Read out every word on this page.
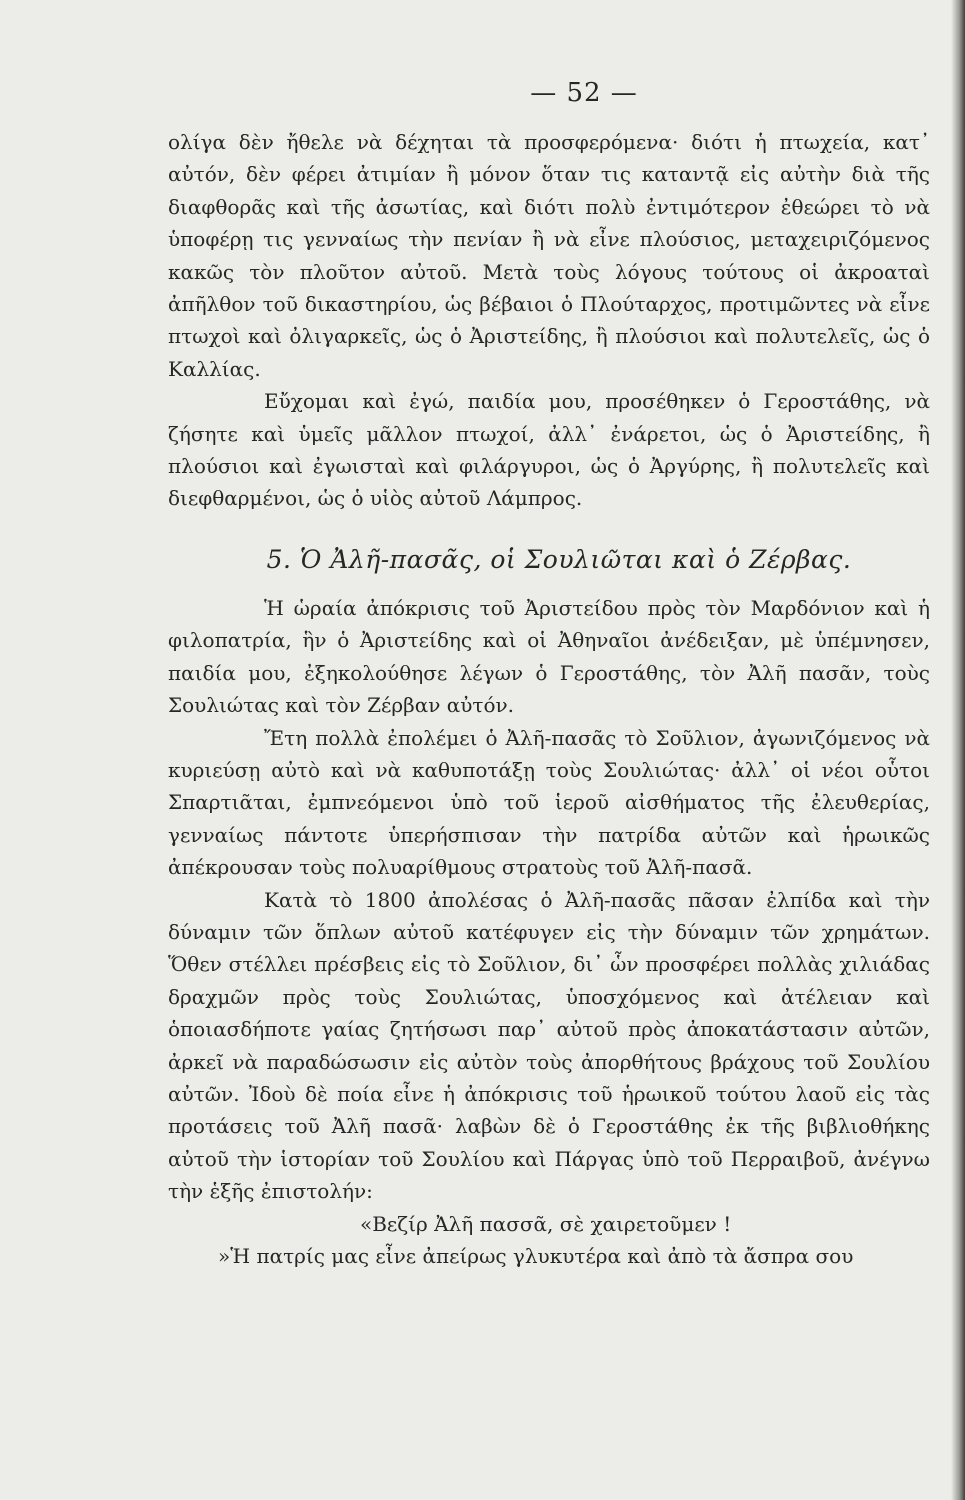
— 52 —

ολίγα δὲν ἤθελε νὰ δέχηται τὰ προσφερόμενα· διότι ἡ πτωχεία, κατ᾽ αὐτόν, δὲν φέρει ἀτιμίαν ἢ μόνον ὅταν τις καταντᾷ εἰς αὐτὴν διὰ τῆς διαφθορᾶς καὶ τῆς ἀσωτίας, καὶ διότι πολὺ ἐντιμότερον ἐθεώρει τὸ νὰ ὑποφέρῃ τις γενναίως τὴν πενίαν ἢ νὰ εἶνε πλούσιος, μεταχειριζόμενος κακῶς τὸν πλοῦτον αὐτοῦ. Μετὰ τοὺς λόγους τούτους οἱ ἀκροαταὶ ἀπῆλθον τοῦ δικαστηρίου, ὡς βέβαιοι ὁ Πλούταρχος, προτιμῶντες νὰ εἶνε πτωχοὶ καὶ ὀλιγαρκεῖς, ὡς ὁ Ἀριστείδης, ἢ πλούσιοι καὶ πολυτελεῖς, ὡς ὁ Καλλίας.

Εὔχομαι καὶ ἐγώ, παιδία μου, προσέθηκεν ὁ Γεροστάθης, νὰ ζήσητε καὶ ὑμεῖς μᾶλλον πτωχοί, ἀλλ᾽ ἐνάρετοι, ὡς ὁ Ἀριστείδης, ἢ πλούσιοι καὶ ἐγωισταὶ καὶ φιλάργυροι, ὡς ὁ Ἀργύρης, ἢ πολυτελεῖς καὶ διεφθαρμένοι, ὡς ὁ υἱὸς αὐτοῦ Λάμπρος.

5. Ὁ Ἀλῆ-πασᾶς, οἱ Σουλιῶται καὶ ὁ Ζέρβας.

Ἡ ὡραία ἀπόκρισις τοῦ Ἀριστείδου πρὸς τὸν Μαρδόνιον καὶ ἡ φιλοπατρία, ἣν ὁ Ἀριστείδης καὶ οἱ Ἀθηναῖοι ἀνέδειξαν, μὲ ὑπέμνησεν, παιδία μου, ἐξηκολούθησε λέγων ὁ Γεροστάθης, τὸν Ἀλῆ πασᾶν, τοὺς Σουλιώτας καὶ τὸν Ζέρβαν αὐτόν.

Ἔτη πολλὰ ἐπολέμει ὁ Ἀλῆ-πασᾶς τὸ Σοῦλιον, ἀγωνιζόμενος νὰ κυριεύσῃ αὐτὸ καὶ νὰ καθυποτάξῃ τοὺς Σουλιώτας· ἀλλ᾽ οἱ νέοι οὗτοι Σπαρτιᾶται, ἐμπνεόμενοι ὑπὸ τοῦ ἱεροῦ αἰσθήματος τῆς ἐλευθερίας, γενναίως πάντοτε ὑπερήσπισαν τὴν πατρίδα αὐτῶν καὶ ἡρωικῶς ἀπέκρουσαν τοὺς πολυαρίθμους στρατοὺς τοῦ Ἀλῆ-πασᾶ.

Κατὰ τὸ 1800 ἀπολέσας ὁ Ἀλῆ-πασᾶς πᾶσαν ἐλπίδα καὶ τὴν δύναμιν τῶν ὅπλων αὐτοῦ κατέφυγεν εἰς τὴν δύναμιν τῶν χρημάτων. Ὅθεν στέλλει πρέσβεις εἰς τὸ Σοῦλιον, δι᾽ ὧν προσφέρει πολλὰς χιλιάδας δραχμῶν πρὸς τοὺς Σουλιώτας, ὑποσχόμενος καὶ ἀτέλειαν καὶ ὁποιασδήποτε γαίας ζητήσωσι παρ᾽ αὐτοῦ πρὸς ἀποκατάστασιν αὐτῶν, ἀρκεῖ νὰ παραδώσωσιν εἰς αὐτὸν τοὺς ἀπορθήτους βράχους τοῦ Σουλίου αὐτῶν. Ἰδοὺ δὲ ποία εἶνε ἡ ἀπόκρισις τοῦ ἡρωικοῦ τούτου λαοῦ εἰς τὰς προτάσεις τοῦ Ἀλῆ πασᾶ· λαβὼν δὲ ὁ Γεροστάθης ἐκ τῆς βιβλιοθήκης αὐτοῦ τὴν ἱστορίαν τοῦ Σουλίου καὶ Πάργας ὑπὸ τοῦ Περραιβοῦ, ἀνέγνω τὴν ἑξῆς ἐπιστολήν:

«Βεζίρ Ἀλῆ πασσᾶ, σὲ χαιρετοῦμεν !

»Ἡ πατρίς μας εἶνε ἀπείρως γλυκυτέρα καὶ ἀπὸ τὰ ἄσπρα σου
